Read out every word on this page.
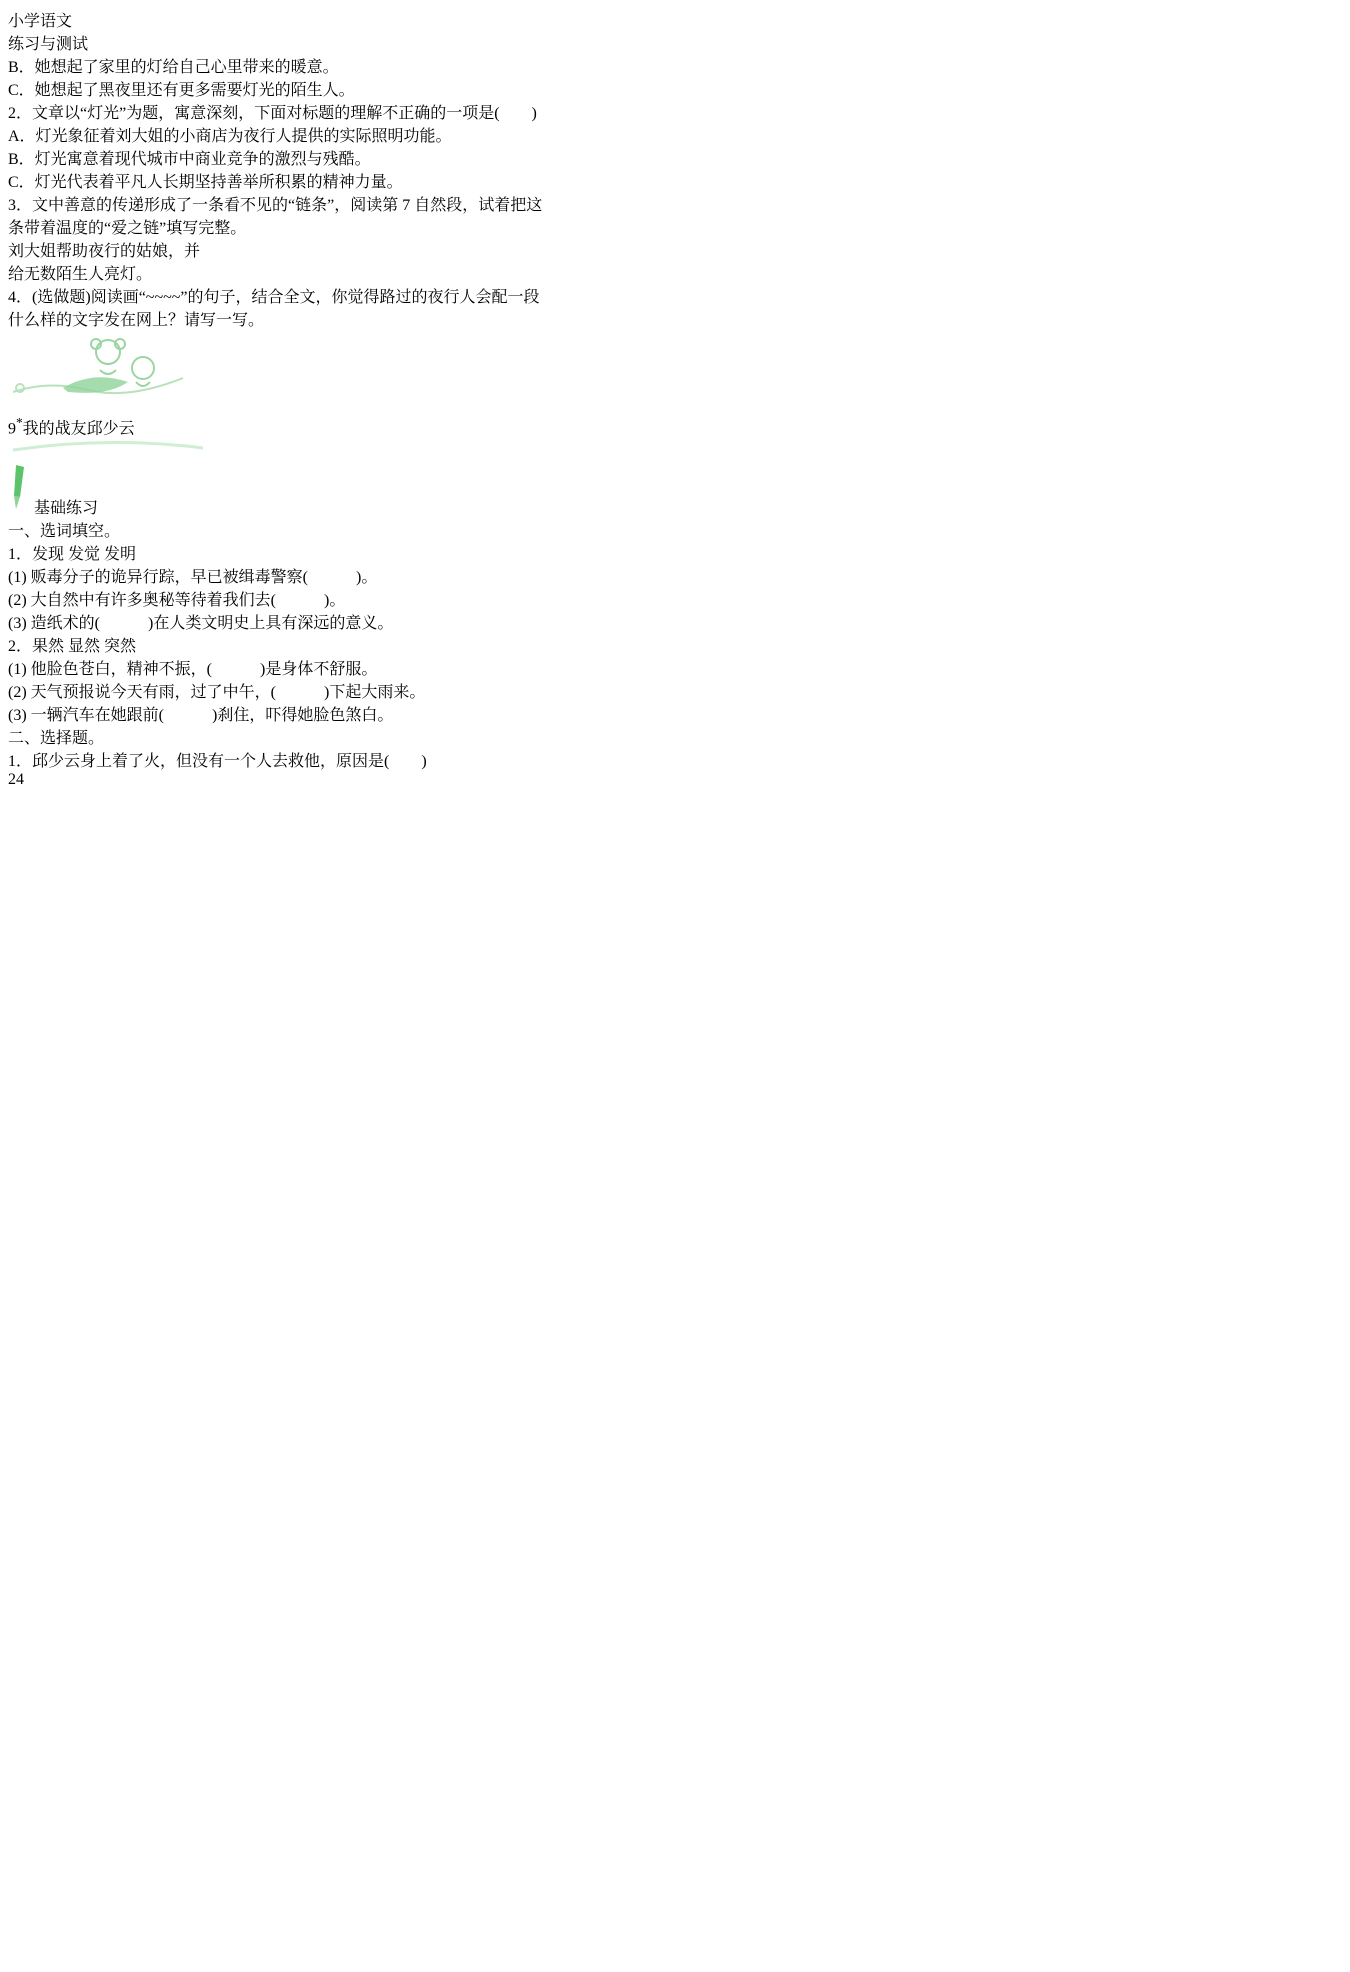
小学语文
练习与测试
B．她想起了家里的灯给自己心里带来的暖意。
C．她想起了黑夜里还有更多需要灯光的陌生人。
2．文章以“灯光”为题，寓意深刻，下面对标题的理解不正确的一项是(　　)
A．灯光象征着刘大姐的小商店为夜行人提供的实际照明功能。
B．灯光寓意着现代城市中商业竞争的激烈与残酷。
C．灯光代表着平凡人长期坚持善举所积累的精神力量。
3．文中善意的传递形成了一条看不见的“链条”，阅读第 7 自然段，试着把这
条带着温度的“爱之链”填写完整。
刘大姐帮助夜行的姑娘，并给无数陌生人亮灯。
4．(选做题)阅读画“~~~~”的句子，结合全文，你觉得路过的夜行人会配一段
什么样的文字发在网上？请写一写。
9*我的战友邱少云
基础练习
一、选词填空。
1．发现 发觉 发明
(1) 贩毒分子的诡异行踪，早已被缉毒警察(　　　)。
(2) 大自然中有许多奥秘等待着我们去(　　　)。
(3) 造纸术的(　　　)在人类文明史上具有深远的意义。
2．果然 显然 突然
(1) 他脸色苍白，精神不振，(　　　)是身体不舒服。
(2) 天气预报说今天有雨，过了中午，(　　　)下起大雨来。
(3) 一辆汽车在她跟前(　　　)刹住，吓得她脸色煞白。
二、选择题。
1．邱少云身上着了火，但没有一个人去救他，原因是(　　)
24
